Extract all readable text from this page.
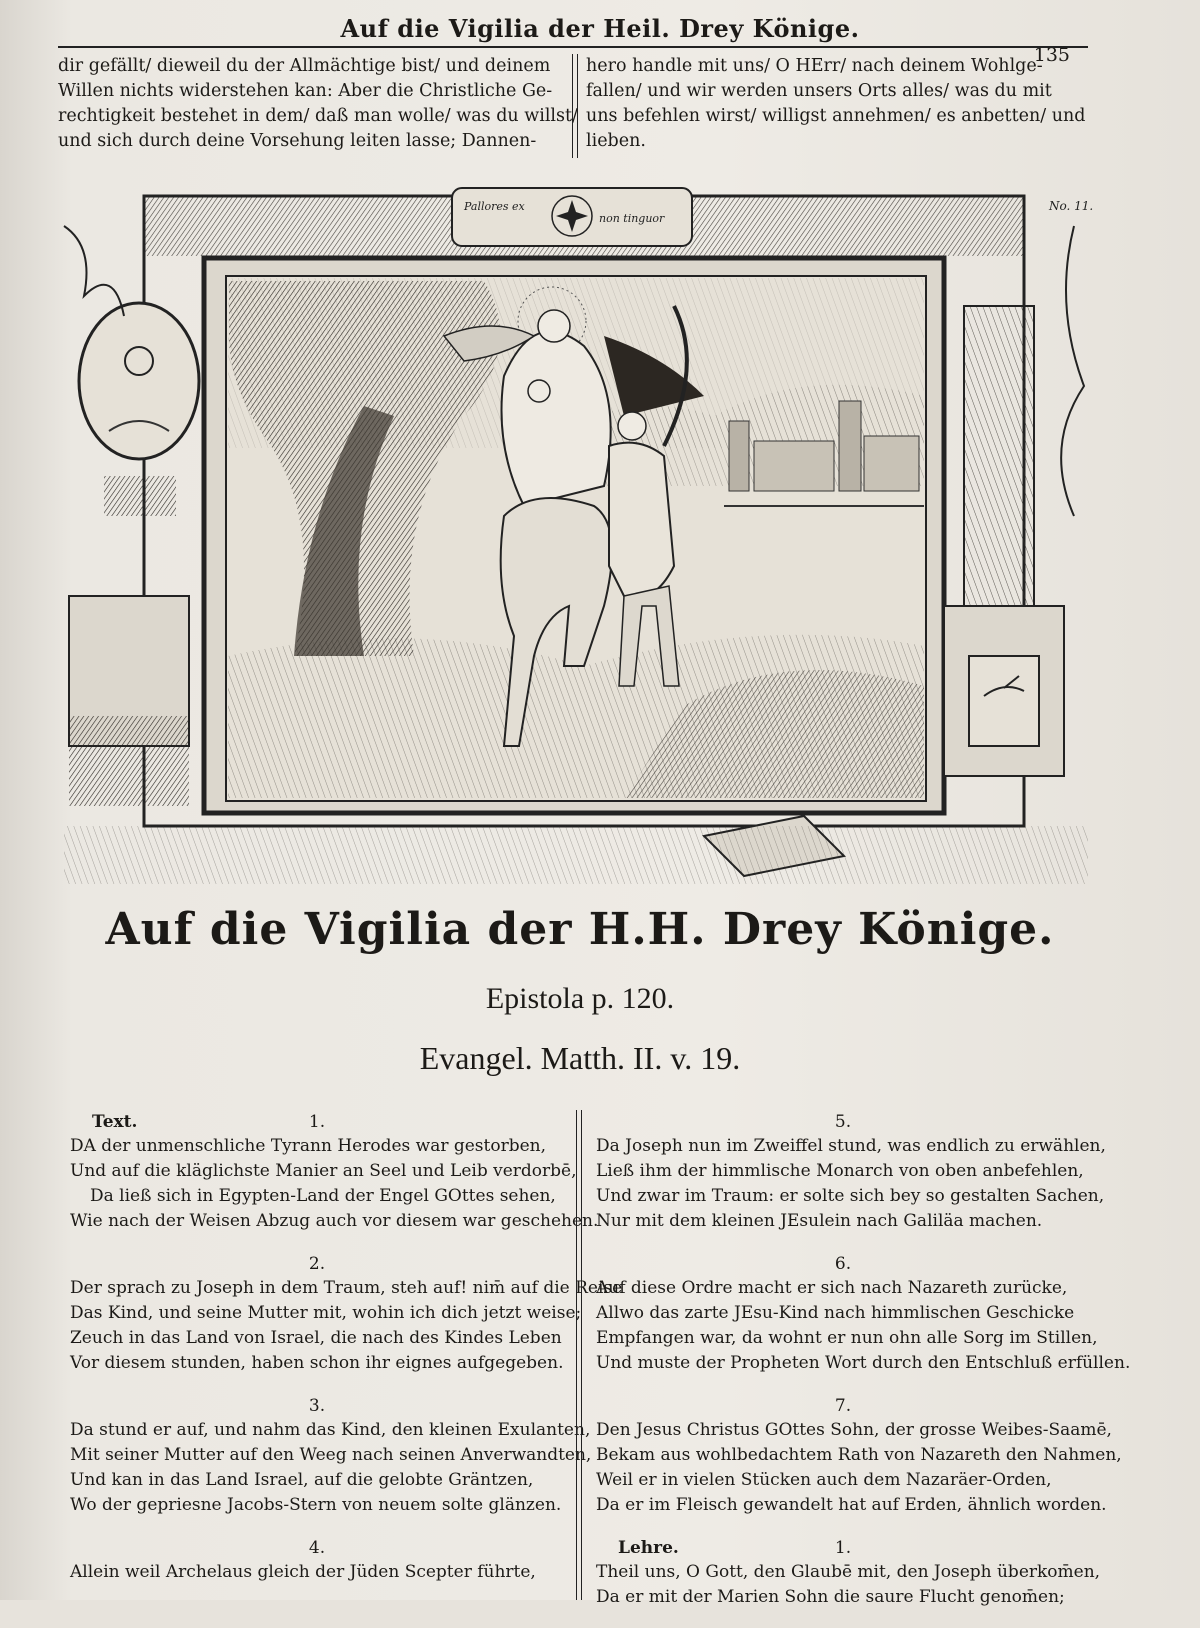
Auf die Vigilia der Heil. Drey Könige.
135
dir gefällt/ dieweil du der Allmächtige bist/ und deinem
Willen nichts widerstehen kan: Aber die Christliche Ge-
rechtigkeit bestehet in dem/ daß man wolle/ was du willst/
und sich durch deine Vorsehung leiten lasse; Dannen-
hero handle mit uns/ O HErr/ nach deinem Wohlge-
fallen/ und wir werden unsers Orts alles/ was du mit
uns befehlen wirst/ willigst annehmen/ es anbetten/ und
lieben.
Pallores ex
non tinguor
No. 11.
Auf die Vigilia der H.H. Drey Könige.
Epistola p. 120.
Evangel. Matth. II. v. 19.
Text.	1.
DA der unmenschliche Tyrann Herodes war gestorben,
Und auf die kläglichste Manier an Seel und Leib verdorbē,
Da ließ sich in Egypten-Land der Engel GOttes sehen,
Wie nach der Weisen Abzug auch vor diesem war geschehen.
2.
Der sprach zu Joseph in dem Traum, steh auf! nim̄ auf die Reise
Das Kind, und seine Mutter mit, wohin ich dich jetzt weise;
Zeuch in das Land von Israel, die nach des Kindes Leben
Vor diesem stunden, haben schon ihr eignes aufgegeben.
3.
Da stund er auf, und nahm das Kind, den kleinen Exulanten,
Mit seiner Mutter auf den Weeg nach seinen Anverwandten,
Und kan in das Land Israel, auf die gelobte Gräntzen,
Wo der gepriesne Jacobs-Stern von neuem solte glänzen.
4.
Allein weil Archelaus gleich der Jüden Scepter führte,
5.
Da Joseph nun im Zweiffel stund, was endlich zu erwählen,
Ließ ihm der himmlische Monarch von oben anbefehlen,
Und zwar im Traum: er solte sich bey so gestalten Sachen,
Nur mit dem kleinen JEsulein nach Galiläa machen.
6.
Auf diese Ordre macht er sich nach Nazareth zurücke,
Allwo das zarte JEsu-Kind nach himmlischen Geschicke
Empfangen war, da wohnt er nun ohn alle Sorg im Stillen,
Und muste der Propheten Wort durch den Entschluß erfüllen.
7.
Den Jesus Christus GOttes Sohn, der grosse Weibes-Saamē,
Bekam aus wohlbedachtem Rath von Nazareth den Nahmen,
Weil er in vielen Stücken auch dem Nazaräer-Orden,
Da er im Fleisch gewandelt hat auf Erden, ähnlich worden.
Lehre.	1.
Theil uns, O Gott, den Glaubē mit, den Joseph überkom̄en,
Da er mit der Marien Sohn die saure Flucht genom̄en;
